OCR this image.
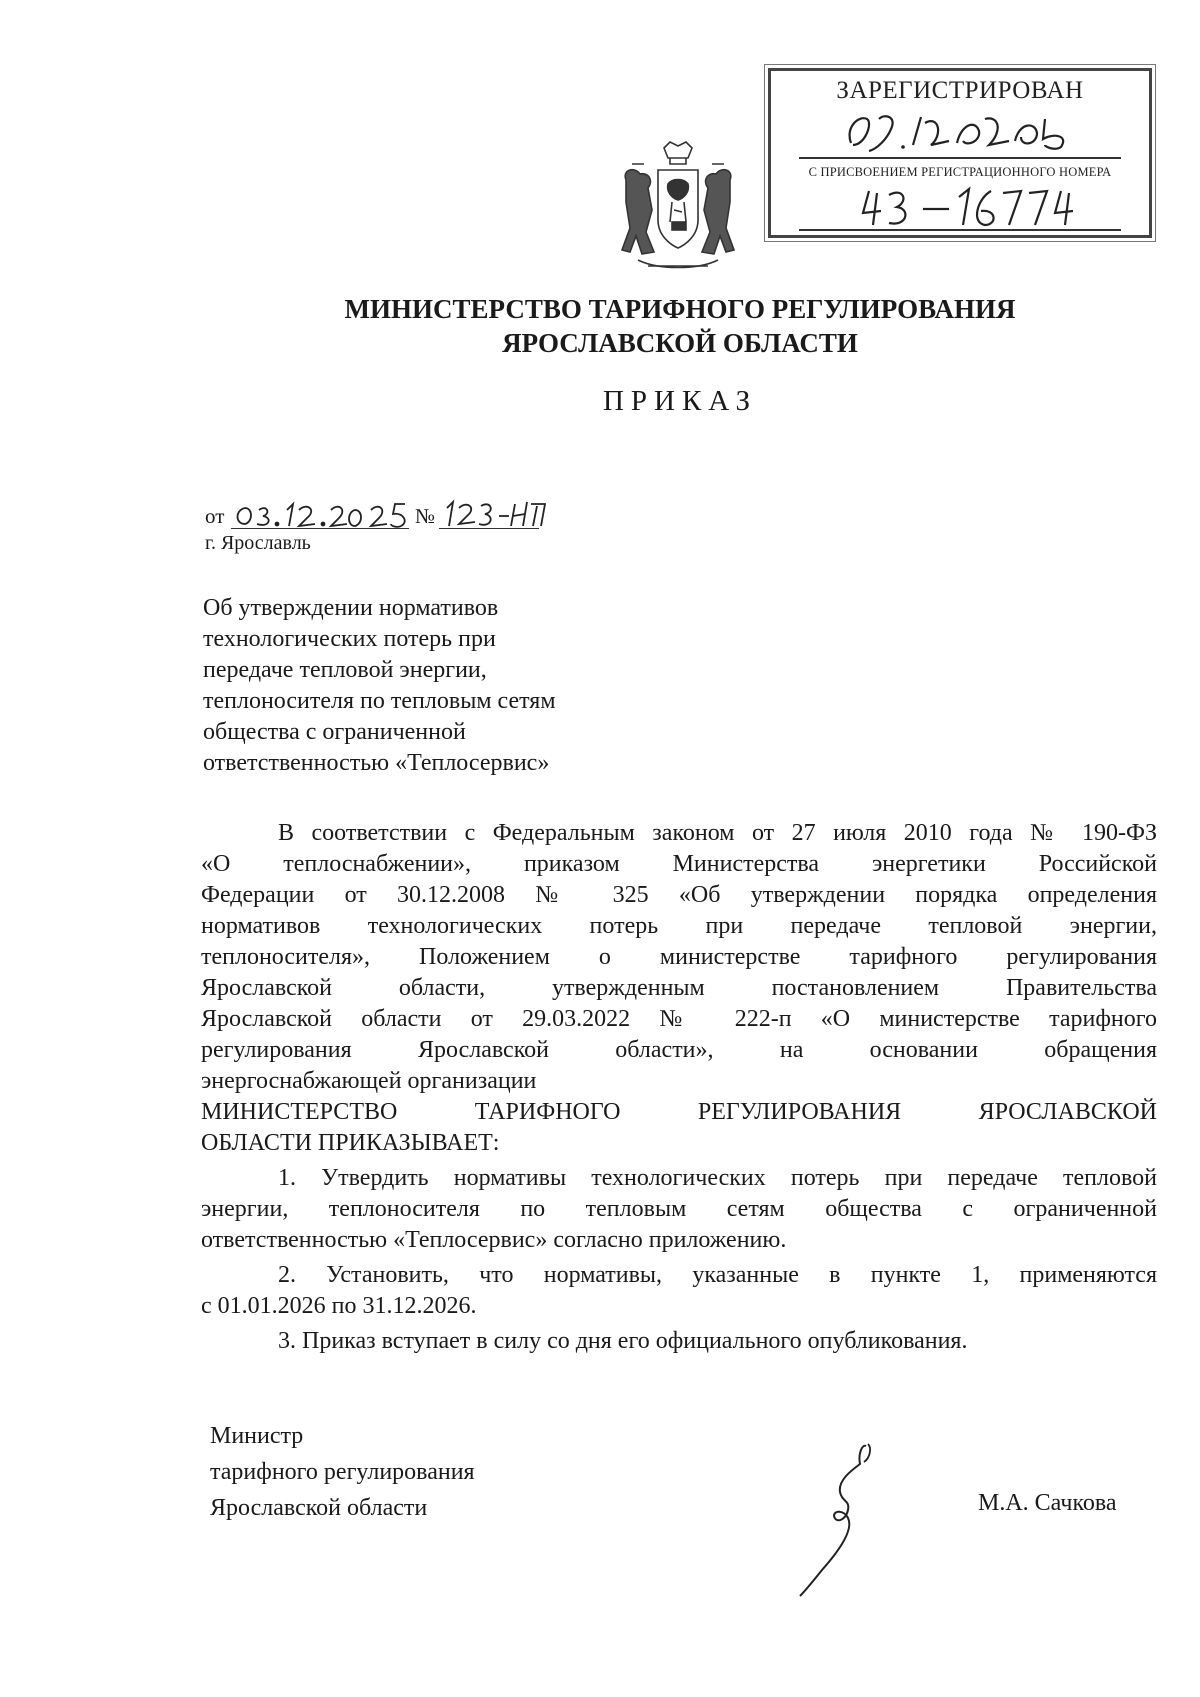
ЗАРЕГИСТРИРОВАН
С ПРИСВОЕНИЕМ РЕГИСТРАЦИОННОГО НОМЕРА
МИНИСТЕРСТВО ТАРИФНОГО РЕГУЛИРОВАНИЯ
ЯРОСЛАВСКОЙ ОБЛАСТИ
ПРИКАЗ
от	№
г. Ярославль
Об утверждении нормативов
технологических потерь при
передаче тепловой энергии,
теплоносителя по тепловым сетям
общества с ограниченной
ответственностью «Теплосервис»

В соответствии с Федеральным законом от 27 июля 2010 года № 190-ФЗ

«О теплоснабжении», приказом Министерства энергетики Российской

Федерации от 30.12.2008 № 325 «Об утверждении порядка определения

нормативов технологических потерь при передаче тепловой энергии,

теплоносителя», Положением о министерстве тарифного регулирования

Ярославской области, утвержденным постановлением Правительства

Ярославской области от 29.03.2022 № 222-п «О министерстве тарифного

регулирования Ярославской области», на основании обращения

энергоснабжающей организации

МИНИСТЕРСТВО ТАРИФНОГО РЕГУЛИРОВАНИЯ ЯРОСЛАВСКОЙ

ОБЛАСТИ ПРИКАЗЫВАЕТ:

1. Утвердить нормативы технологических потерь при передаче тепловой

энергии, теплоносителя по тепловым сетям общества с ограниченной

ответственностью «Теплосервис» согласно приложению.

2. Установить, что нормативы, указанные в пункте 1, применяются

с 01.01.2026 по 31.12.2026.

3. Приказ вступает в силу со дня его официального опубликования.

Министр
тарифного регулирования
Ярославской области	М.А. Сачкова
